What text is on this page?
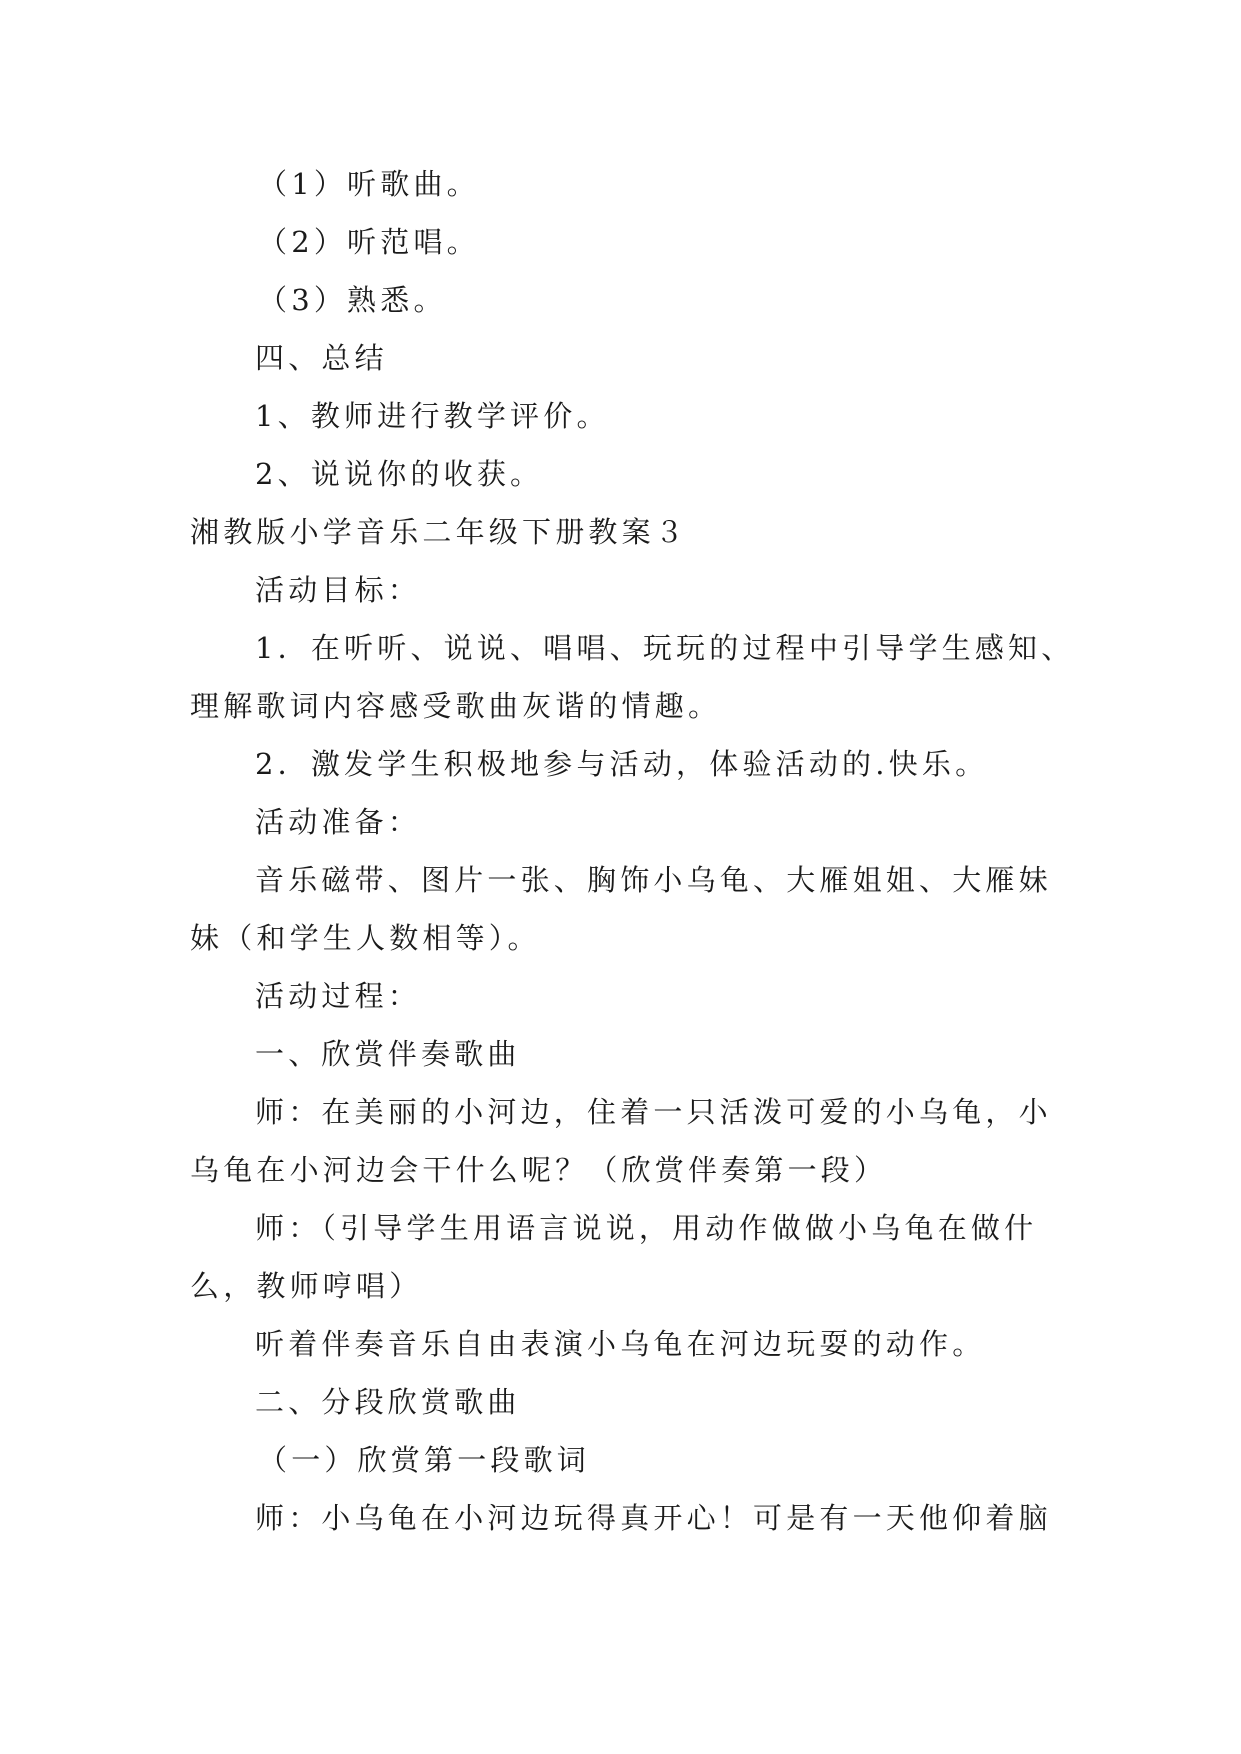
（1）听歌曲。
（2）听范唱。
（3）熟悉。
四、总结
1、教师进行教学评价。
2、说说你的收获。
湘教版小学音乐二年级下册教案３
活动目标：
1．在听听、说说、唱唱、玩玩的过程中引导学生感知、
理解歌词内容感受歌曲灰谐的情趣。
2．激发学生积极地参与活动，体验活动的.快乐。
活动准备：
音乐磁带、图片一张、胸饰小乌龟、大雁姐姐、大雁妹
妹（和学生人数相等）。
活动过程：
一、欣赏伴奏歌曲
师：在美丽的小河边，住着一只活泼可爱的小乌龟，小
乌龟在小河边会干什么呢？（欣赏伴奏第一段）
师：（引导学生用语言说说，用动作做做小乌龟在做什
么，教师哼唱）
听着伴奏音乐自由表演小乌龟在河边玩耍的动作。
二、分段欣赏歌曲
（一）欣赏第一段歌词
师：小乌龟在小河边玩得真开心！可是有一天他仰着脑
